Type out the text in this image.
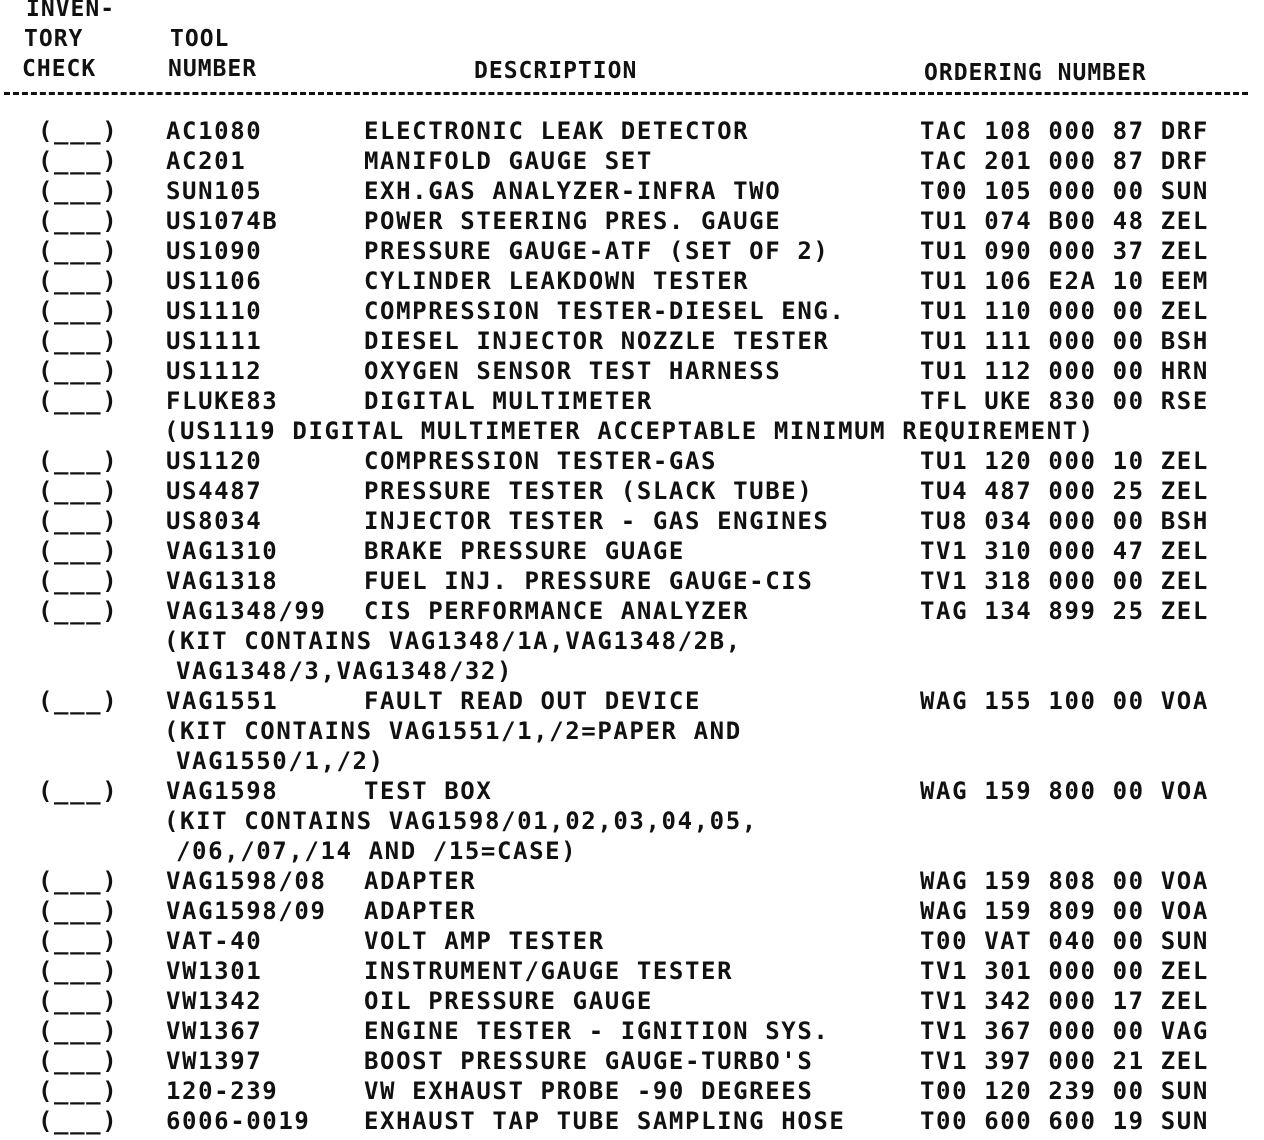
INVEN-
TORY
CHECK
TOOL
NUMBER	DESCRIPTION	ORDERING NUMBER
(___) AC1080	ELECTRONIC LEAK DETECTOR	TAC 108 000 87 DRF
(___) AC201	MANIFOLD GAUGE SET	TAC 201 000 87 DRF
(___) SUN105	EXH.GAS ANALYZER-INFRA TWO	T00 105 000 00 SUN
(___) US1074B	POWER STEERING PRES. GAUGE	TU1 074 B00 48 ZEL
(___) US1090	PRESSURE GAUGE-ATF (SET OF 2)	TU1 090 000 37 ZEL
(___) US1106	CYLINDER LEAKDOWN TESTER	TU1 106 E2A 10 EEM
(___) US1110	COMPRESSION TESTER-DIESEL ENG.	TU1 110 000 00 ZEL
(___) US1111	DIESEL INJECTOR NOZZLE TESTER	TU1 111 000 00 BSH
(___) US1112	OXYGEN SENSOR TEST HARNESS	TU1 112 000 00 HRN
(___) FLUKE83	DIGITAL MULTIMETER	TFL UKE 830 00 RSE
(US1119 DIGITAL MULTIMETER ACCEPTABLE MINIMUM REQUIREMENT)
(___) US1120	COMPRESSION TESTER-GAS	TU1 120 000 10 ZEL
(___) US4487	PRESSURE TESTER (SLACK TUBE)	TU4 487 000 25 ZEL
(___) US8034	INJECTOR TESTER - GAS ENGINES	TU8 034 000 00 BSH
(___) VAG1310	BRAKE PRESSURE GUAGE	TV1 310 000 47 ZEL
(___) VAG1318	FUEL INJ. PRESSURE GAUGE-CIS	TV1 318 000 00 ZEL
(___) VAG1348/99 CIS PERFORMANCE ANALYZER	TAG 134 899 25 ZEL
(KIT CONTAINS VAG1348/1A,VAG1348/2B,
VAG1348/3,VAG1348/32)
(___) VAG1551	FAULT READ OUT DEVICE	WAG 155 100 00 VOA
(KIT CONTAINS VAG1551/1,/2=PAPER AND
VAG1550/1,/2)
(___) VAG1598	TEST BOX	WAG 159 800 00 VOA
(KIT CONTAINS VAG1598/01,02,03,04,05,
/06,/07,/14 AND /15=CASE)
(___) VAG1598/08 ADAPTER	WAG 159 808 00 VOA
(___) VAG1598/09 ADAPTER	WAG 159 809 00 VOA
(___) VAT-40	VOLT AMP TESTER	T00 VAT 040 00 SUN
(___) VW1301	INSTRUMENT/GAUGE TESTER	TV1 301 000 00 ZEL
(___) VW1342	OIL PRESSURE GAUGE	TV1 342 000 17 ZEL
(___) VW1367	ENGINE TESTER - IGNITION SYS.	TV1 367 000 00 VAG
(___) VW1397	BOOST PRESSURE GAUGE-TURBO'S	TV1 397 000 21 ZEL
(___) 120-239	VW EXHAUST PROBE -90 DEGREES	T00 120 239 00 SUN
(___) 6006-0019 EXHAUST TAP TUBE SAMPLING HOSE	T00 600 600 19 SUN
